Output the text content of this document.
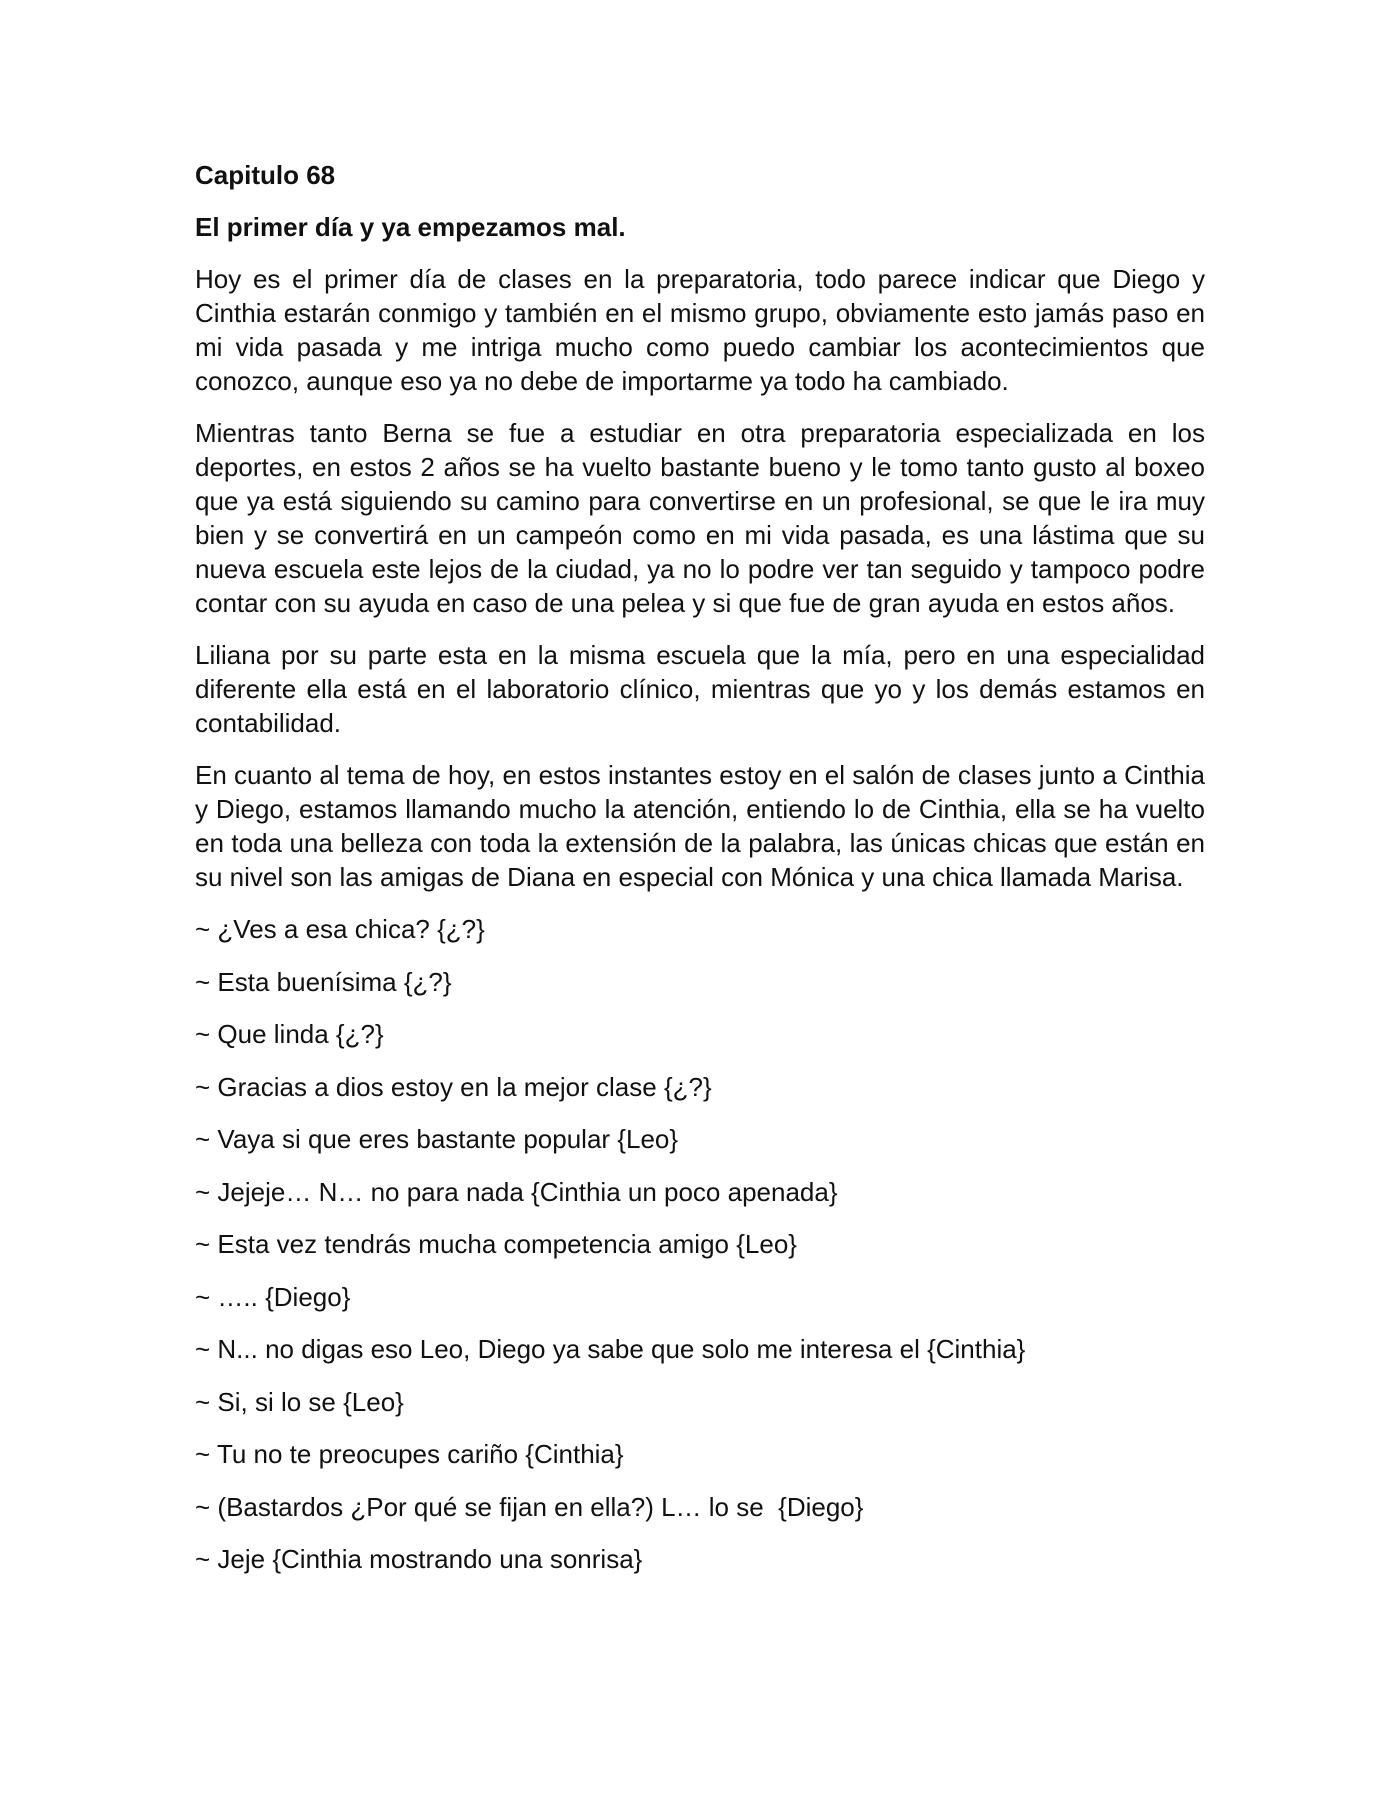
Capitulo 68
El primer día y ya empezamos mal.

Hoy es el primer día de clases en la preparatoria, todo parece indicar que Diego y Cinthia estarán conmigo y también en el mismo grupo, obviamente esto jamás paso en mi vida pasada y me intriga mucho como puedo cambiar los acontecimientos que conozco, aunque eso ya no debe de importarme ya todo ha cambiado.

Mientras tanto Berna se fue a estudiar en otra preparatoria especializada en los deportes, en estos 2 años se ha vuelto bastante bueno y le tomo tanto gusto al boxeo que ya está siguiendo su camino para convertirse en un profesional, se que le ira muy bien y se convertirá en un campeón como en mi vida pasada, es una lástima que su nueva escuela este lejos de la ciudad, ya no lo podre ver tan seguido y tampoco podre contar con su ayuda en caso de una pelea y si que fue de gran ayuda en estos años.

Liliana por su parte esta en la misma escuela que la mía, pero en una especialidad diferente ella está en el laboratorio clínico, mientras que yo y los demás estamos en contabilidad.

En cuanto al tema de hoy, en estos instantes estoy en el salón de clases junto a Cinthia y Diego, estamos llamando mucho la atención, entiendo lo de Cinthia, ella se ha vuelto en toda una belleza con toda la extensión de la palabra, las únicas chicas que están en su nivel son las amigas de Diana en especial con Mónica y una chica llamada Marisa.

~ ¿Ves a esa chica? {¿?}
~ Esta buenísima {¿?}
~ Que linda {¿?}
~ Gracias a dios estoy en la mejor clase {¿?}
~ Vaya si que eres bastante popular {Leo}
~ Jejeje… N… no para nada {Cinthia un poco apenada}
~ Esta vez tendrás mucha competencia amigo {Leo}
~ ….. {Diego}
~ N... no digas eso Leo, Diego ya sabe que solo me interesa el {Cinthia}
~ Si, si lo se {Leo}
~ Tu no te preocupes cariño {Cinthia}
~ (Bastardos ¿Por qué se fijan en ella?) L… lo se  {Diego}
~ Jeje {Cinthia mostrando una sonrisa}
